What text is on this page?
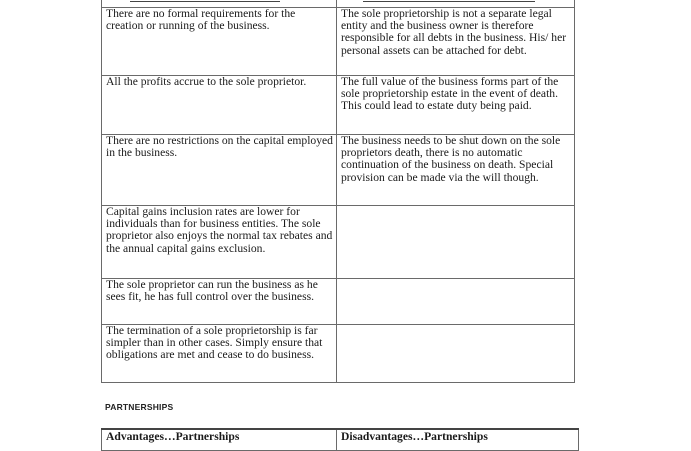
There are no formal requirements for the creation or running of the business.	The sole proprietorship is not a separate legal entity and the business owner is therefore responsible for all debts in the business. His/ her personal assets can be attached for debt.
All the profits accrue to the sole proprietor.	The full value of the business forms part of the sole proprietorship estate in the event of death. This could lead to estate duty being paid.
There are no restrictions on the capital employed in the business.	The business needs to be shut down on the sole proprietors death, there is no automatic continuation of the business on death. Special provision can be made via the will though.
Capital gains inclusion rates are lower for individuals than for business entities. The sole proprietor also enjoys the normal tax rebates and the annual capital gains exclusion.	
The sole proprietor can run the business as he sees fit, he has full control over the business.	
The termination of a sole proprietorship is far simpler than in other cases. Simply ensure that obligations are met and cease to do business.	
PARTNERSHIPS
Advantages…Partnerships	Disadvantages…Partnerships
